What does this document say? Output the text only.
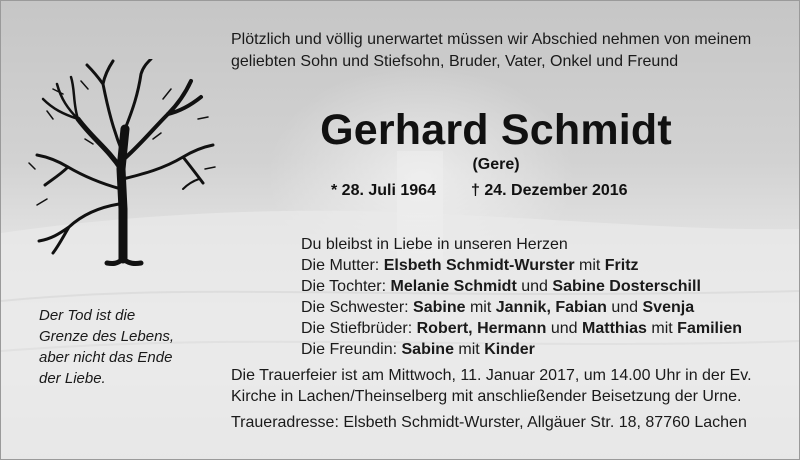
Plötzlich und völlig unerwartet müssen wir Abschied nehmen von meinem
geliebten Sohn und Stiefsohn, Bruder, Vater, Onkel und Freund
Gerhard Schmidt
(Gere)
* 28. Juli 1964 † 24. Dezember 2016
Du bleibst in Liebe in unseren Herzen
Die Mutter: Elsbeth Schmidt-Wurster mit Fritz
Die Tochter: Melanie Schmidt und Sabine Dosterschill
Die Schwester: Sabine mit Jannik, Fabian und Svenja
Die Stiefbrüder: Robert, Hermann und Matthias mit Familien
Die Freundin: Sabine mit Kinder
Der Tod ist die
Grenze des Lebens,
aber nicht das Ende
der Liebe.	Die Trauerfeier ist am Mittwoch, 11. Januar 2017, um 14.00 Uhr in der Ev.
Kirche in Lachen/Theinselberg mit anschließender Beisetzung der Urne.
Traueradresse: Elsbeth Schmidt-Wurster, Allgäuer Str. 18, 87760 Lachen
